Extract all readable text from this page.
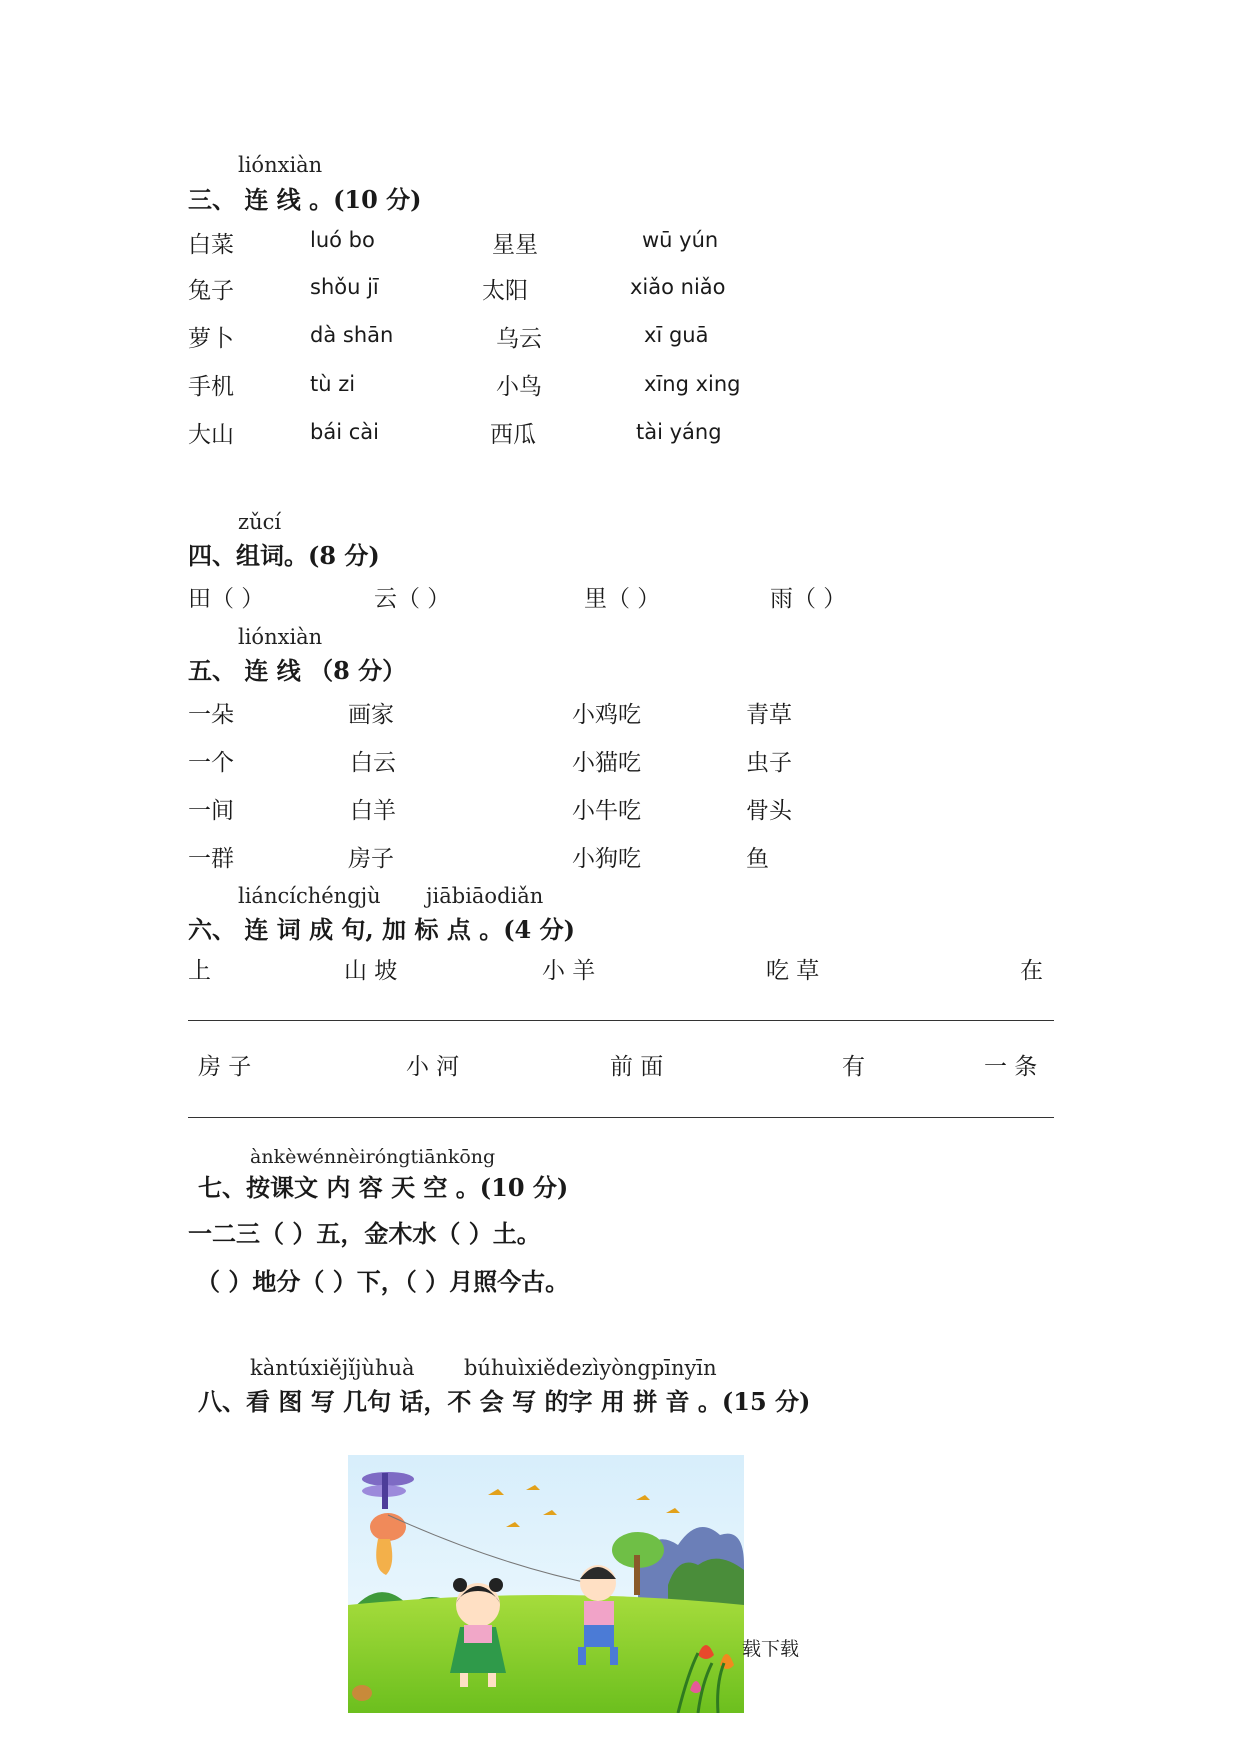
liónxiàn
三、 连 线 。(10 分)
白菜	luó bo	星星	wū yún
兔子	shǒu jī	太阳	xiǎo niǎo
萝卜	dà shān	乌云	xī guā
手机	tù zi	小鸟	xīng xing
大山	bái cài	西瓜	tài yáng
zǔcí
四、组词。(8 分)
田（ ）	云（ ）	里（ ）	雨（ ）
liónxiàn
五、 连 线 （8 分）
一朵	画家	小鸡吃	青草
一个	白云	小猫吃	虫子
一间	白羊	小牛吃	骨头
一群	房子	小狗吃	鱼
liáncíchéngjù jiābiāodiǎn
六、 连 词 成 句, 加 标 点 。(4 分)
上	山 坡	小 羊	吃 草	在
房 子	小 河	前 面	有	一 条
ànkèwénnèiróngtiānkōng
七、按课文 内 容 天 空 。(10 分)
一二三（ ）五，金木水（ ）土。
（ ）地分（ ）下，（ ）月照今古。
kàntúxiějǐjùhuà búhuìxiědezìyòngpīnyīn
八、看 图 写 几句 话，不 会 写 的字 用 拼 音 。(15 分)
载下载
